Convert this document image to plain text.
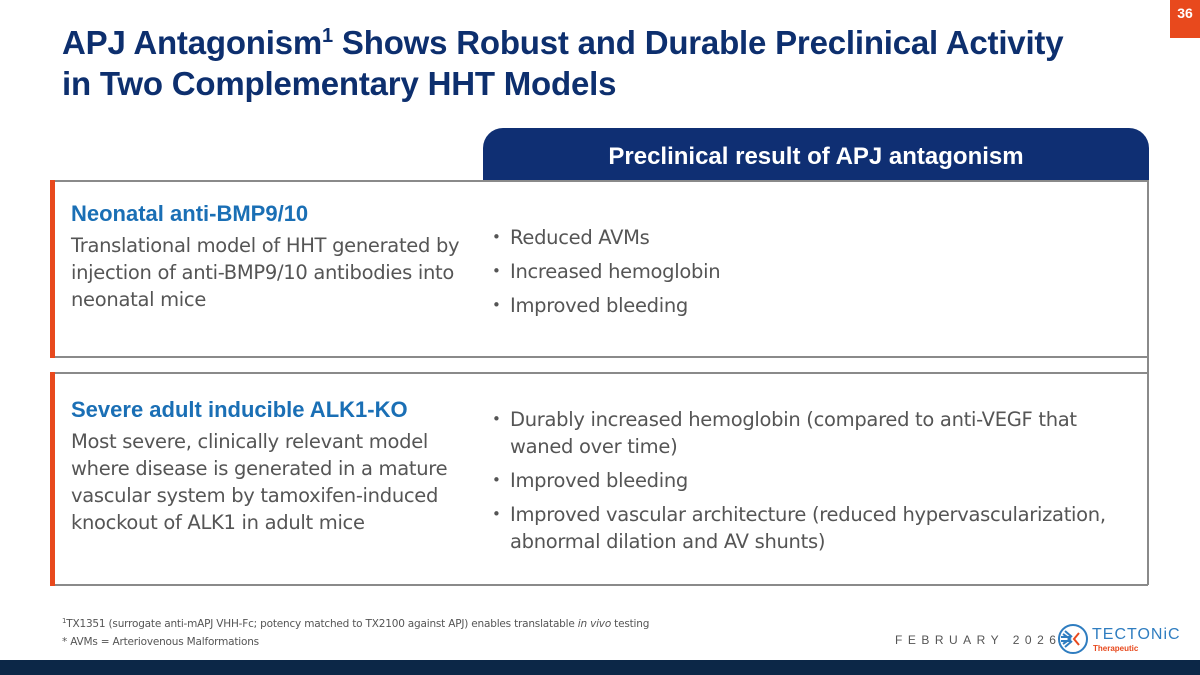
APJ Antagonism$^1$ Shows Robust and Durable Preclinical Activity
in Two Complementary HHT Models
36
Preclinical result of APJ antagonism
Neonatal anti-BMP9/10
Translational model of HHT generated by injection of anti-BMP9/10 antibodies into neonatal mice
• Reduced AVMs
• Increased hemoglobin
• Improved bleeding
Severe adult inducible ALK1-KO
Most severe, clinically relevant model where disease is generated in a mature vascular system by tamoxifen-induced knockout of ALK1 in adult mice
• Durably increased hemoglobin (compared to anti-VEGF that waned over time)
• Improved bleeding
• Improved vascular architecture (reduced hypervascularization, abnormal dilation and AV shunts)
$^1$TX1351 (surrogate anti-mAPJ VHH-Fc; potency matched to TX2100 against APJ) enables translatable in vivo testing
* AVMs = Arteriovenous Malformations	FEBRUARY 2026 TECTONiC
Therapeutic
